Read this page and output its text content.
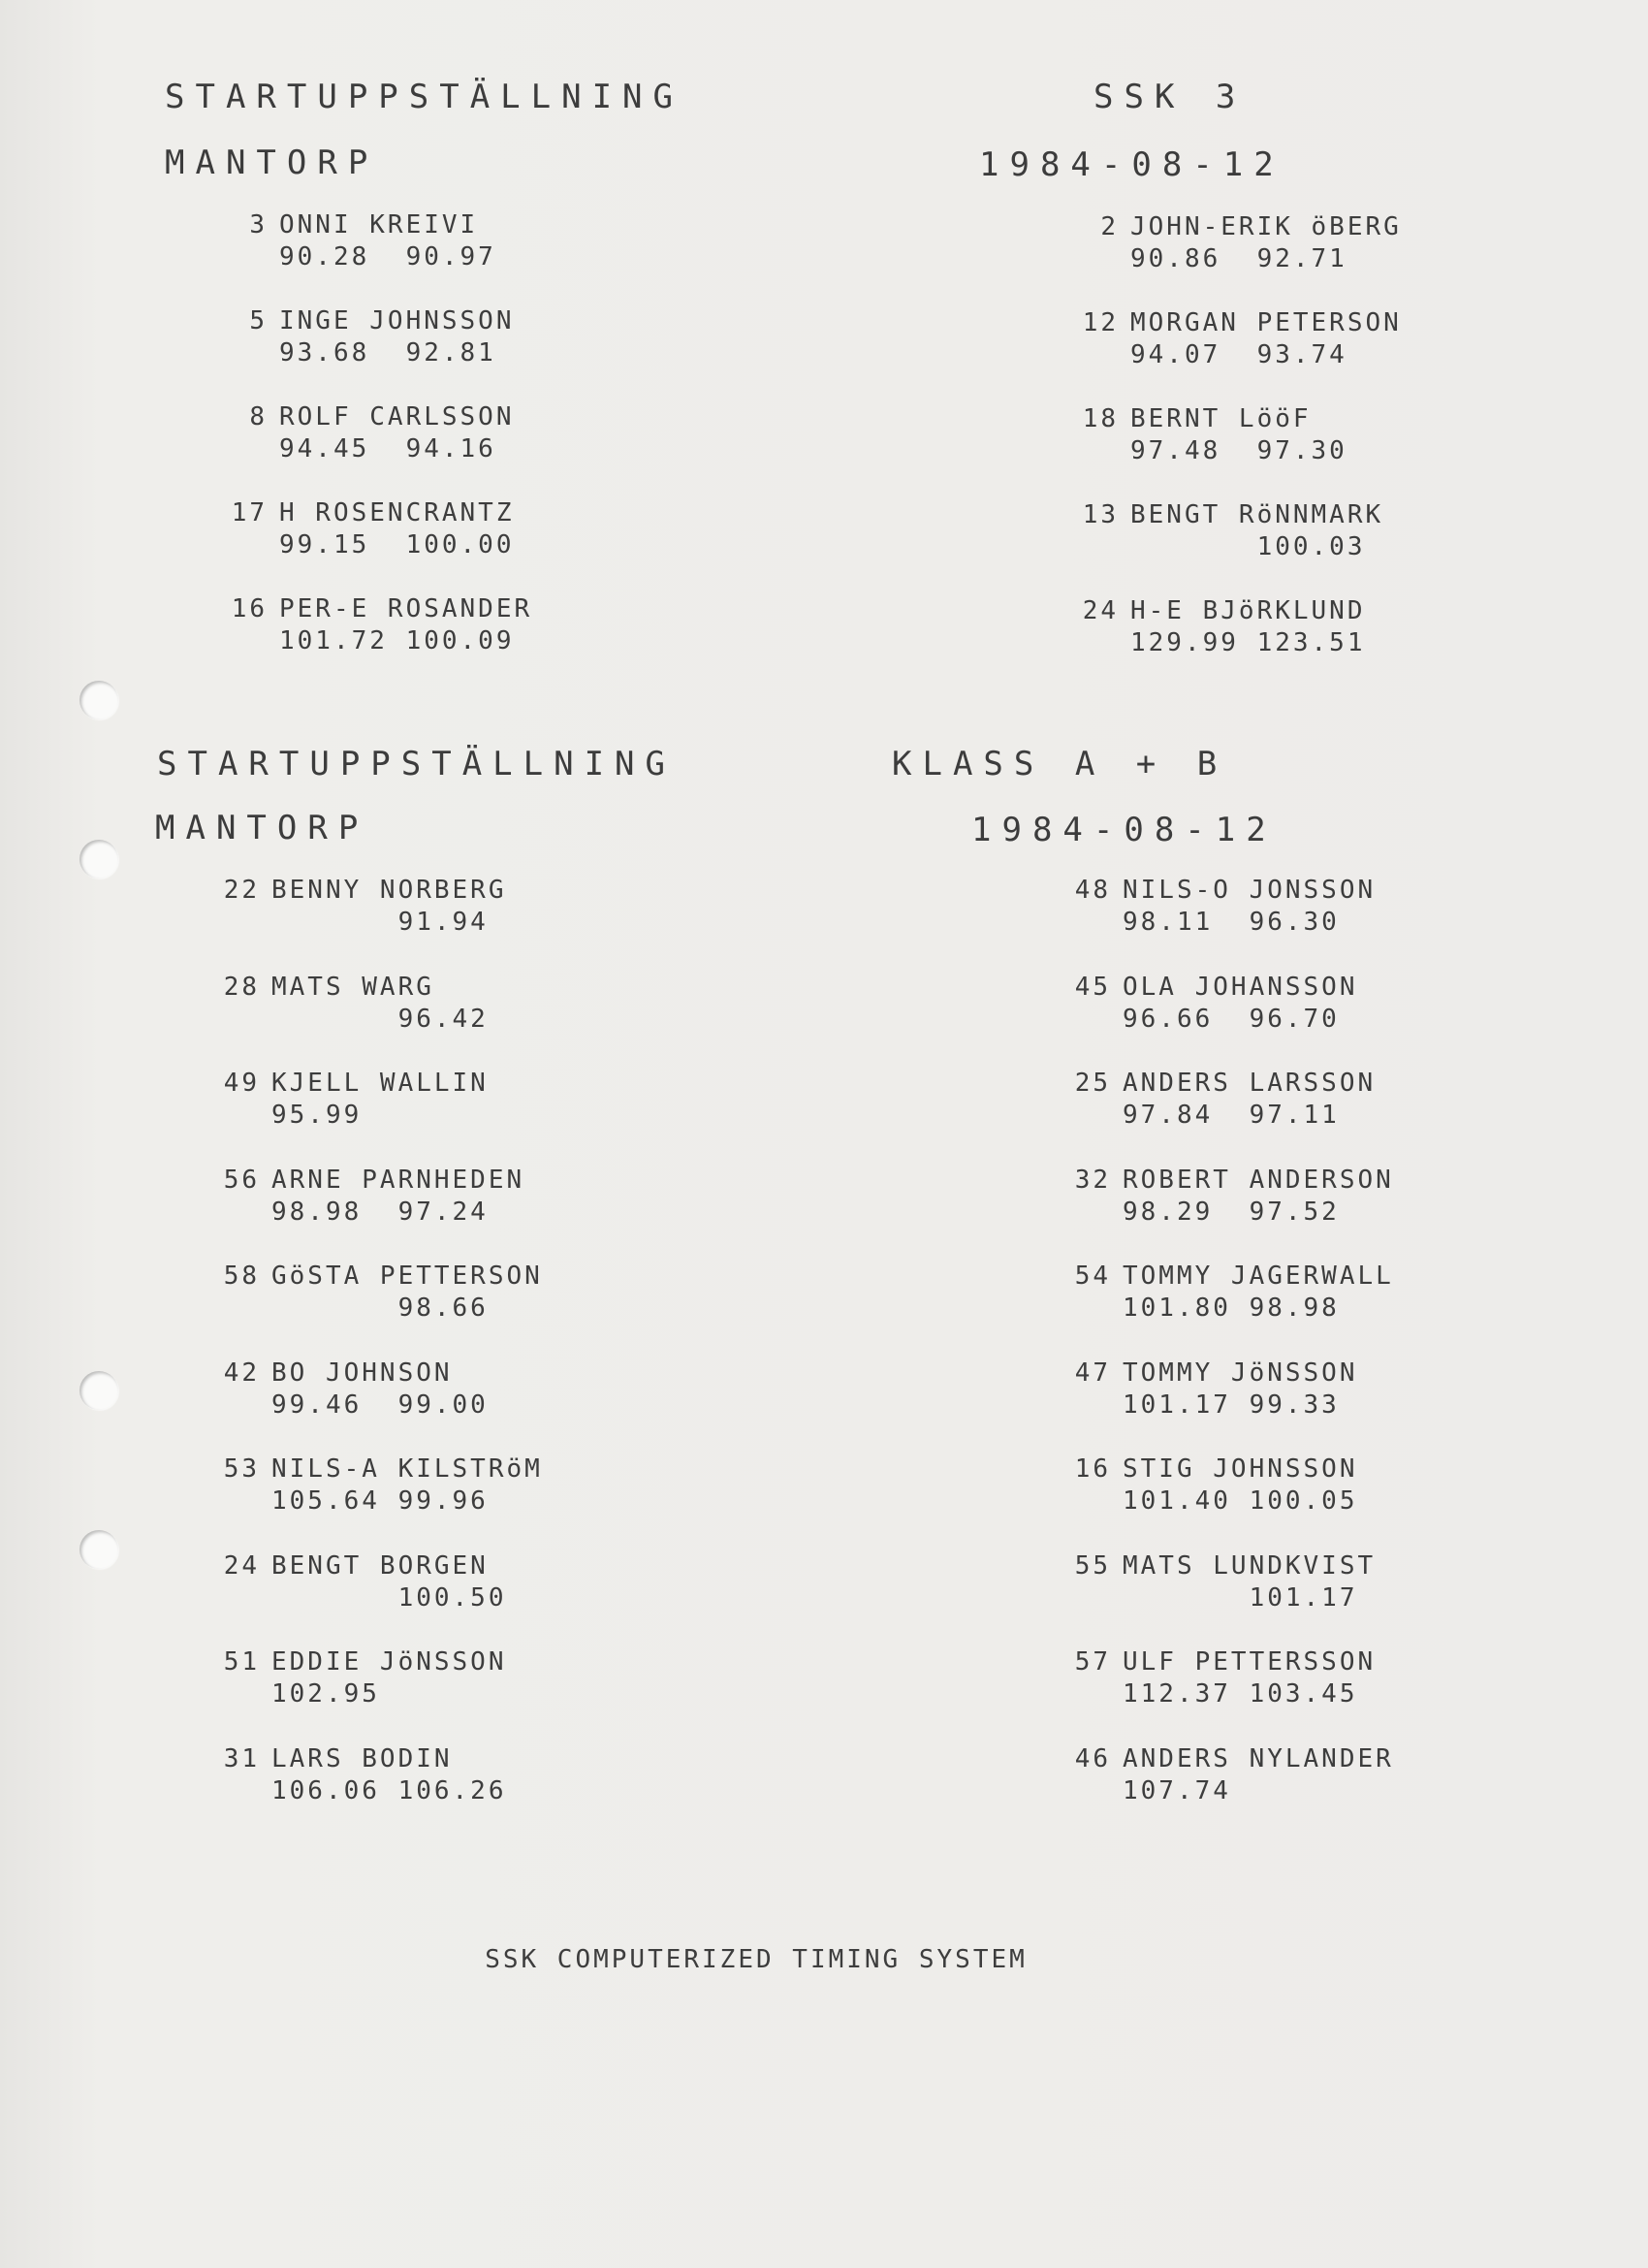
STARTUPPSTÄLLNING	SSK 3
MANTORP	1984-08-12
3 ONNI KREIVI
90.28  90.97
5 INGE JOHNSSON
93.68  92.81
8 ROLF CARLSSON
94.45  94.16
17 H ROSENCRANTZ
99.15  100.00
16 PER-E ROSANDER
101.72 100.09
2 JOHN-ERIK öBERG
90.86  92.71
12 MORGAN PETERSON
94.07  93.74
18 BERNT LööF
97.48  97.30
13 BENGT RöNNMARK
100.03
24 H-E BJöRKLUND
129.99 123.51
STARTUPPSTÄLLNING	KLASS A + B
MANTORP	1984-08-12
22 BENNY NORBERG
91.94
28 MATS WARG
96.42
49 KJELL WALLIN
95.99
56 ARNE PARNHEDEN
98.98  97.24
58 GöSTA PETTERSON
98.66
42 BO JOHNSON
99.46  99.00
53 NILS-A KILSTRöM
105.64 99.96
24 BENGT BORGEN
100.50
51 EDDIE JöNSSON
102.95
31 LARS BODIN
106.06 106.26
48 NILS-O JONSSON
98.11  96.30
45 OLA JOHANSSON
96.66  96.70
25 ANDERS LARSSON
97.84  97.11
32 ROBERT ANDERSON
98.29  97.52
54 TOMMY JAGERWALL
101.80 98.98
47 TOMMY JöNSSON
101.17 99.33
16 STIG JOHNSSON
101.40 100.05
55 MATS LUNDKVIST
101.17
57 ULF PETTERSSON
112.37 103.45
46 ANDERS NYLANDER
107.74
SSK COMPUTERIZED TIMING SYSTEM
